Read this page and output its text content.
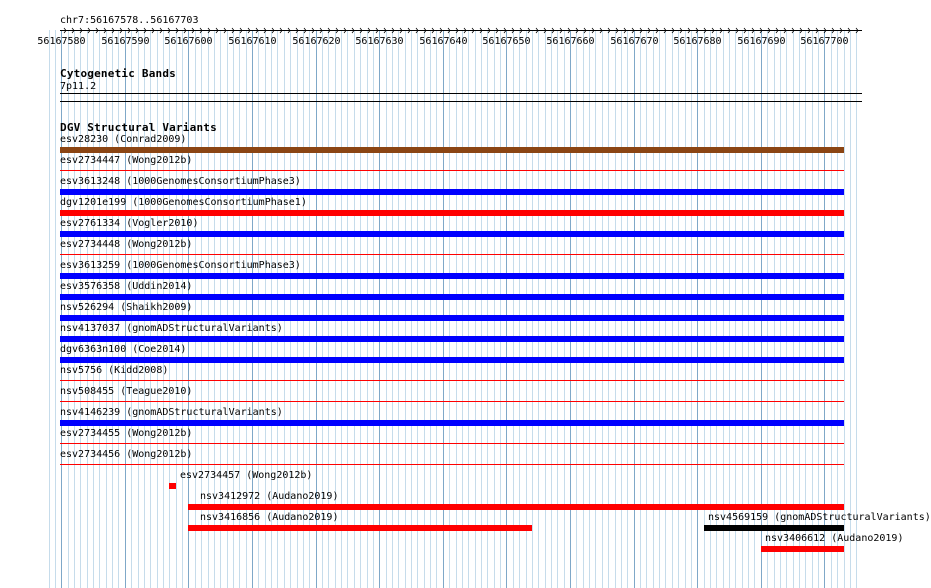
56167580 56167590 56167600 56167610 56167620 56167630 56167640 56167650 56167660 56167670 56167680 56167690 56167700
chr7:56167578..56167703
Cytogenetic Bands
7p11.2
DGV Structural Variants
esv28230 (Conrad2009)
esv2734447 (Wong2012b)
esv3613248 (1000GenomesConsortiumPhase3)
dgv1201e199 (1000GenomesConsortiumPhase1)
esv2761334 (Vogler2010)
esv2734448 (Wong2012b)
esv3613259 (1000GenomesConsortiumPhase3)
esv3576358 (Uddin2014)
nsv526294 (Shaikh2009)
nsv4137037 (gnomADStructuralVariants)
dgv6363n100 (Coe2014)
nsv5756 (Kidd2008)
nsv508455 (Teague2010)
nsv4146239 (gnomADStructuralVariants)
esv2734455 (Wong2012b)
esv2734456 (Wong2012b)
esv2734457 (Wong2012b)
nsv3412972 (Audano2019)
nsv3416856 (Audano2019)	nsv4569159 (gnomADStructuralVariants)
nsv3406612 (Audano2019)
